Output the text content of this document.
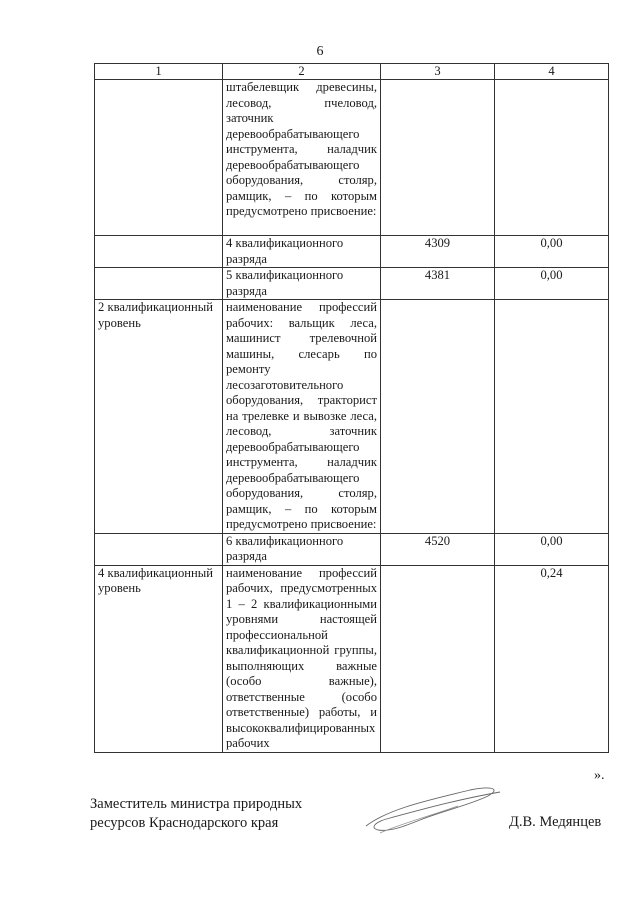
6
1	2	3	4
	штабелевщик древесины, лесовод, пчеловод, заточник деревообрабатывающего инструмента, наладчик деревообрабатывающего оборудования, столяр, рамщик, – по которым предусмотрено присвоение:		
	4 квалификационного разряда	4309	0,00
	5 квалификационного разряда	4381	0,00
2 квалификационный уровень	наименование профессий рабочих: вальщик леса, машинист трелевочной машины, слесарь по ремонту лесозаготовительного оборудования, тракторист на трелевке и вывозке леса, лесовод, заточник деревообрабатывающего инструмента, наладчик деревообрабатывающего оборудования, столяр, рамщик, – по которым предусмотрено присвоение:		
	6 квалификационного разряда	4520	0,00
4 квалификационный уровень	наименование профессий рабочих, предусмотренных 1 – 2 квалификационными уровнями настоящей профессиональной квалификационной группы, выполняющих важные (особо важные), ответственные (особо ответственные) работы, и высококвалифицированных рабочих		0,24
».
Заместитель министра природных
ресурсов Краснодарского края	Д.В. Медянцев
